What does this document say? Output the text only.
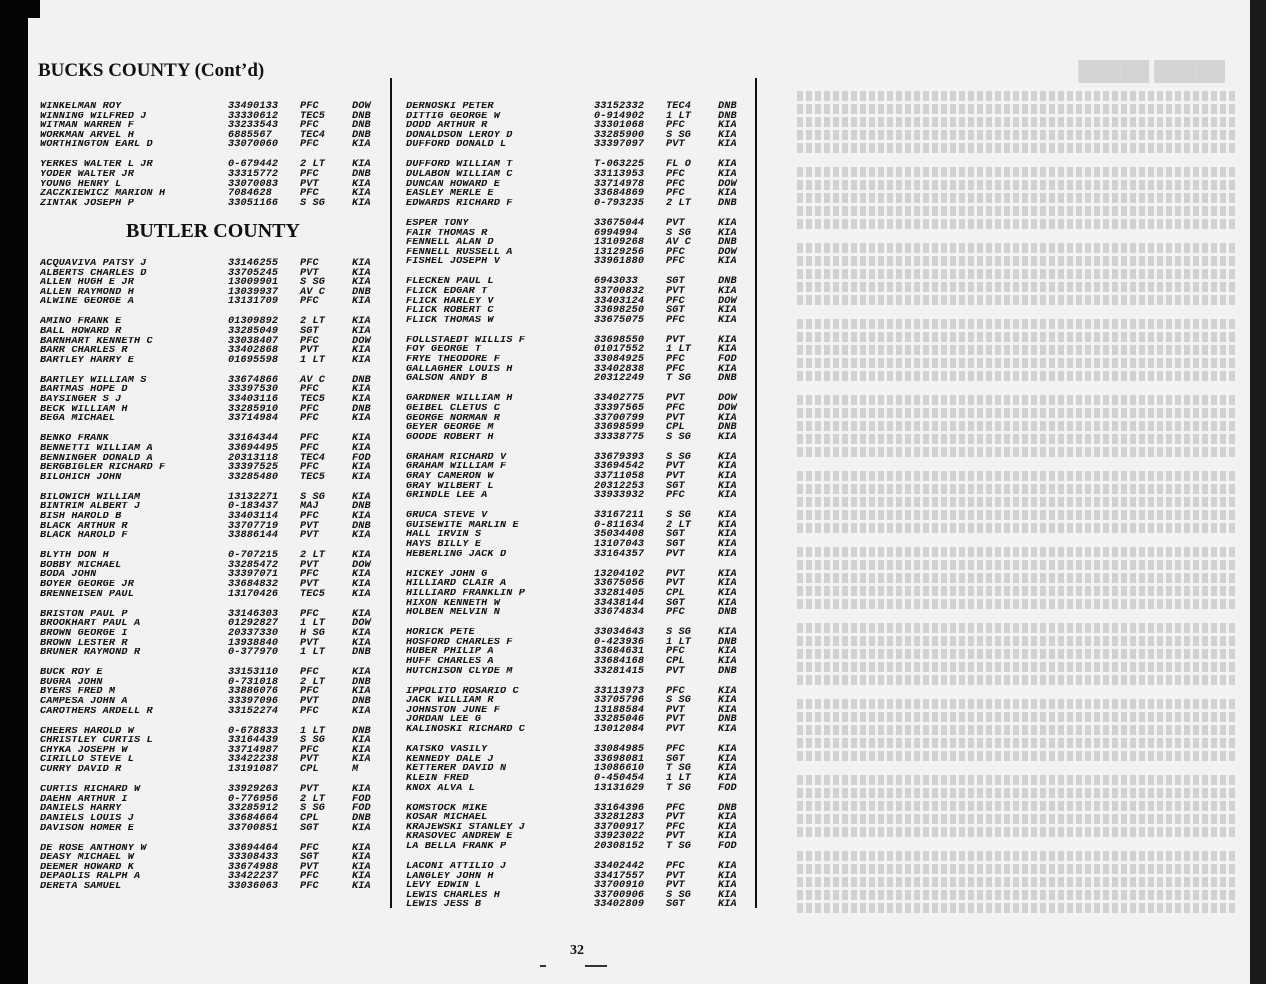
█████ █████
BUCKS COUNTY (Cont’d)
WINKELMAN ROY	33490133	PFC	DOW
WINNING WILFRED J	33330612	TEC5	DNB
WITMAN WARREN F	33233543	PFC	DNB
WORKMAN ARVEL H	6885567	TEC4	DNB
WORTHINGTON EARL D	33070060	PFC	KIA
YERKES WALTER L JR	0-679442	2 LT	KIA
YODER WALTER JR	33315772	PFC	DNB
YOUNG HENRY L	33070083	PVT	KIA
ZACZKIEWICZ MARION H	7084628	PFC	KIA
ZINTAK JOSEPH P	33051166	S SG	KIA
ACQUAVIVA PATSY J	33146255	PFC	KIA
ALBERTS CHARLES D	33705245	PVT	KIA
ALLEN HUGH E JR	13009901	S SG	KIA
ALLEN RAYMOND H	13039937	AV C	DNB
ALWINE GEORGE A	13131709	PFC	KIA
AMINO FRANK E	01309892	2 LT	KIA
BALL HOWARD R	33285049	SGT	KIA
BARNHART KENNETH C	33038407	PFC	DOW
BARR CHARLES R	33402868	PVT	KIA
BARTLEY HARRY E	01695598	1 LT	KIA
BARTLEY WILLIAM S	33674866	AV C	DNB
BARTMAS HOPE D	33397530	PFC	KIA
BAYSINGER S J	33403116	TEC5	KIA
BECK WILLIAM H	33285910	PFC	DNB
BEGA MICHAEL	33714984	PFC	KIA
BENKO FRANK	33164344	PFC	KIA
BENNETTI WILLIAM A	33694495	PFC	KIA
BENNINGER DONALD A	20313118	TEC4	FOD
BERGBIGLER RICHARD F	33397525	PFC	KIA
BILOHICH JOHN	33285480	TEC5	KIA
BILOWICH WILLIAM	13132271	S SG	KIA
BINTRIM ALBERT J	0-183437	MAJ	DNB
BISH HAROLD B	33403114	PFC	KIA
BLACK ARTHUR R	33707719	PVT	DNB
BLACK HAROLD F	33886144	PVT	KIA
BLYTH DON H	0-707215	2 LT	KIA
BOBBY MICHAEL	33285472	PVT	DOW
BODA JOHN	33397071	PFC	KIA
BOYER GEORGE JR	33684832	PVT	KIA
BRENNEISEN PAUL	13170426	TEC5	KIA
BRISTON PAUL P	33146303	PFC	KIA
BROOKHART PAUL A	01292827	1 LT	DOW
BROWN GEORGE I	20337330	H SG	KIA
BROWN LESTER R	13938840	PVT	KIA
BRUNER RAYMOND R	0-377970	1 LT	DNB
BUCK ROY E	33153110	PFC	KIA
BUGRA JOHN	0-731018	2 LT	DNB
BYERS FRED M	33886076	PFC	KIA
CAMPESA JOHN A	33397096	PVT	DNB
CAROTHERS ARDELL R	33152274	PFC	KIA
CHEERS HAROLD W	0-678833	1 LT	DNB
CHRISTLEY CURTIS L	33164439	S SG	KIA
CHYKA JOSEPH W	33714987	PFC	KIA
CIRILLO STEVE L	33422238	PVT	KIA
CURRY DAVID R	13191087	CPL	M
CURTIS RICHARD W	33929263	PVT	KIA
DAEHN ARTHUR I	0-776956	2 LT	FOD
DANIELS HARRY	33285912	S SG	FOD
DANIELS LOUIS J	33684664	CPL	DNB
DAVISON HOMER E	33700851	SGT	KIA
DE ROSE ANTHONY W	33694464	PFC	KIA
DEASY MICHAEL W	33308433	SGT	KIA
DEEMER HOWARD K	33674988	PVT	KIA
DEPAOLIS RALPH A	33422237	PFC	KIA
DERETA SAMUEL	33036063	PFC	KIA
BUTLER COUNTY
DERNOSKI PETER	33152332	TEC4	DNB
DITTIG GEORGE W	0-914902	1 LT	DNB
DODD ARTHUR R	33301068	PFC	KIA
DONALDSON LEROY D	33285900	S SG	KIA
DUFFORD DONALD L	33397097	PVT	KIA
DUFFORD WILLIAM T	T-063225	FL O	KIA
DULABON WILLIAM C	33113953	PFC	KIA
DUNCAN HOWARD E	33714978	PFC	DOW
EASLEY MERLE E	33684869	PFC	KIA
EDWARDS RICHARD F	0-793235	2 LT	DNB
ESPER TONY	33675044	PVT	KIA
FAIR THOMAS R	6994994	S SG	KIA
FENNELL ALAN D	13109268	AV C	DNB
FENNELL RUSSELL A	13129256	PFC	DOW
FISHEL JOSEPH V	33961880	PFC	KIA
FLECKEN PAUL L	6943033	SGT	DNB
FLICK EDGAR T	33700832	PVT	KIA
FLICK HARLEY V	33403124	PFC	DOW
FLICK ROBERT C	33698250	SGT	KIA
FLICK THOMAS W	33675075	PFC	KIA
FOLLSTAEDT WILLIS F	33698550	PVT	KIA
FOY GEORGE T	01017552	1 LT	KIA
FRYE THEODORE F	33084925	PFC	FOD
GALLAGHER LOUIS H	33402838	PFC	KIA
GALSON ANDY B	20312249	T SG	DNB
GARDNER WILLIAM H	33402775	PVT	DOW
GEIBEL CLETUS C	33397565	PFC	DOW
GEORGE NORMAN R	33700799	PVT	KIA
GEYER GEORGE M	33698599	CPL	DNB
GOODE ROBERT H	33338775	S SG	KIA
GRAHAM RICHARD V	33679393	S SG	KIA
GRAHAM WILLIAM F	33694542	PVT	KIA
GRAY CAMERON W	33711058	PVT	KIA
GRAY WILBERT L	20312253	SGT	KIA
GRINDLE LEE A	33933932	PFC	KIA
GRUCA STEVE V	33167211	S SG	KIA
GUISEWITE MARLIN E	0-811634	2 LT	KIA
HALL IRVIN S	35034408	SGT	KIA
HAYS BILLY E	13107043	SGT	KIA
HEBERLING JACK D	33164357	PVT	KIA
HICKEY JOHN G	13204102	PVT	KIA
HILLIARD CLAIR A	33675056	PVT	KIA
HILLIARD FRANKLIN P	33281405	CPL	KIA
HIXON KENNETH W	33438144	SGT	KIA
HOLBEN MELVIN N	33674834	PFC	DNB
HORICK PETE	33034643	S SG	KIA
HOSFORD CHARLES F	0-423936	1 LT	DNB
HUBER PHILIP A	33684631	PFC	KIA
HUFF CHARLES A	33684168	CPL	KIA
HUTCHISON CLYDE M	33281415	PVT	DNB
IPPOLITO ROSARIO C	33113973	PFC	KIA
JACK WILLIAM R	33705796	S SG	KIA
JOHNSTON JUNE F	13188584	PVT	KIA
JORDAN LEE G	33285046	PVT	DNB
KALINOSKI RICHARD C	13012084	PVT	KIA
KATSKO VASILY	33084985	PFC	KIA
KENNEDY DALE J	33698081	SGT	KIA
KETTERER DAVID N	13086610	T SG	KIA
KLEIN FRED	0-450454	1 LT	KIA
KNOX ALVA L	13131629	T SG	FOD
KOMSTOCK MIKE	33164396	PFC	DNB
KOSAR MICHAEL	33281283	PVT	KIA
KRAJEWSKI STANLEY J	33700917	PFC	KIA
KRASOVEC ANDREW E	33923022	PVT	KIA
LA BELLA FRANK P	20308152	T SG	FOD
LACONI ATTILIO J	33402442	PFC	KIA
LANGLEY JOHN H	33417557	PVT	KIA
LEVY EDWIN L	33700910	PVT	KIA
LEWIS CHARLES H	33700906	S SG	KIA
LEWIS JESS B	33402809	SGT	KIA
32
